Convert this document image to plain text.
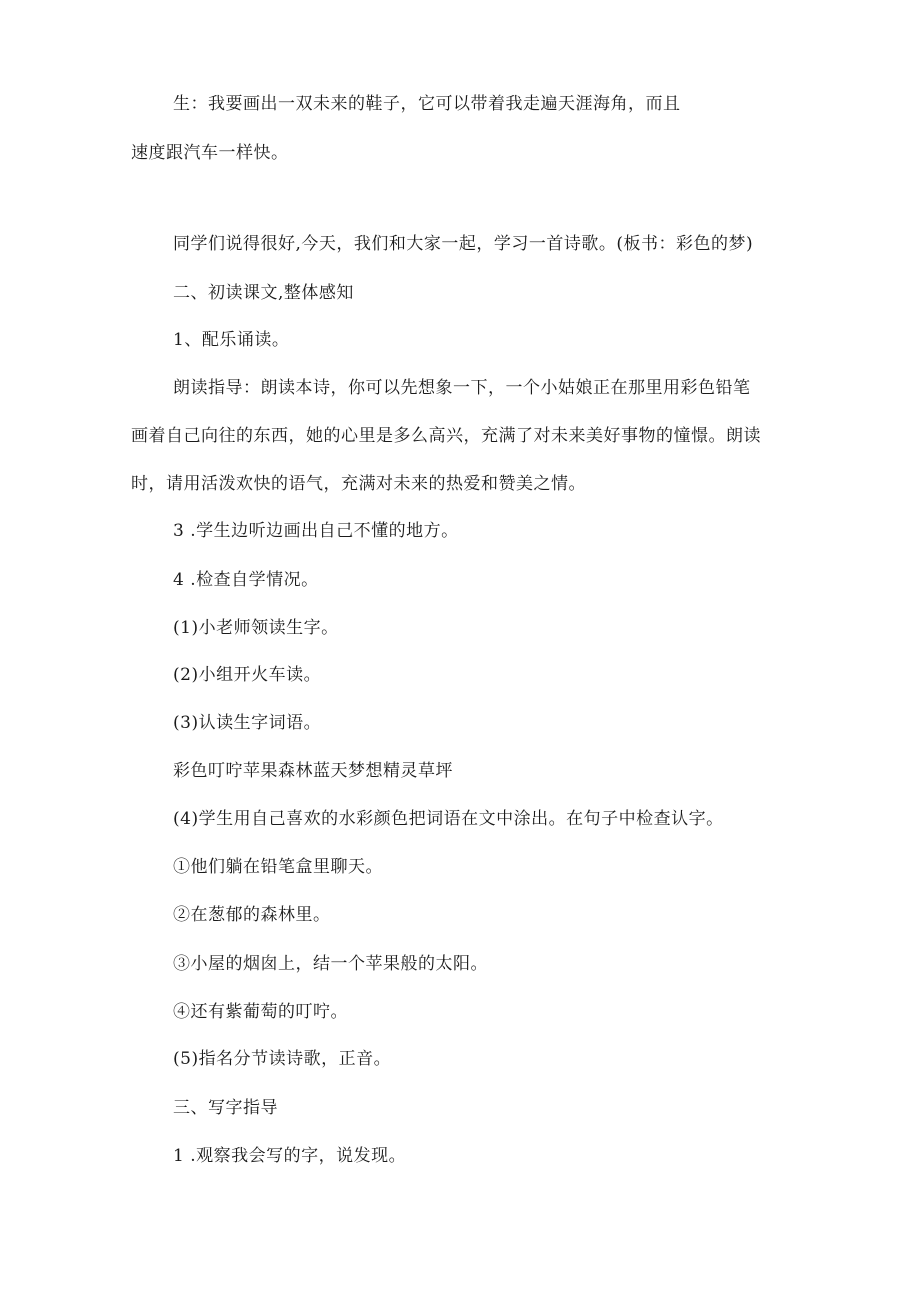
生：我要画出一双未来的鞋子，它可以带着我走遍天涯海角，而且
速度跟汽车一样快。
同学们说得很好,今天，我们和大家一起，学习一首诗歌。(板书：彩色的梦)
二、初读课文,整体感知
1、配乐诵读。
朗读指导：朗读本诗，你可以先想象一下，一个小姑娘正在那里用彩色铅笔
画着自己向往的东西，她的心里是多么高兴，充满了对未来美好事物的憧憬。朗读
时，请用活泼欢快的语气，充满对未来的热爱和赞美之情。
3 .学生边听边画出自己不懂的地方。
4 .检查自学情况。
(1)小老师领读生字。
(2)小组开火车读。
(3)认读生字词语。
彩色叮咛苹果森林蓝天梦想精灵草坪
(4)学生用自己喜欢的水彩颜色把词语在文中涂出。在句子中检查认字。
①他们躺在铅笔盒里聊天。
②在葱郁的森林里。
③小屋的烟囱上，结一个苹果般的太阳。
④还有紫葡萄的叮咛。
(5)指名分节读诗歌，正音。
三、写字指导
1 .观察我会写的字，说发现。
